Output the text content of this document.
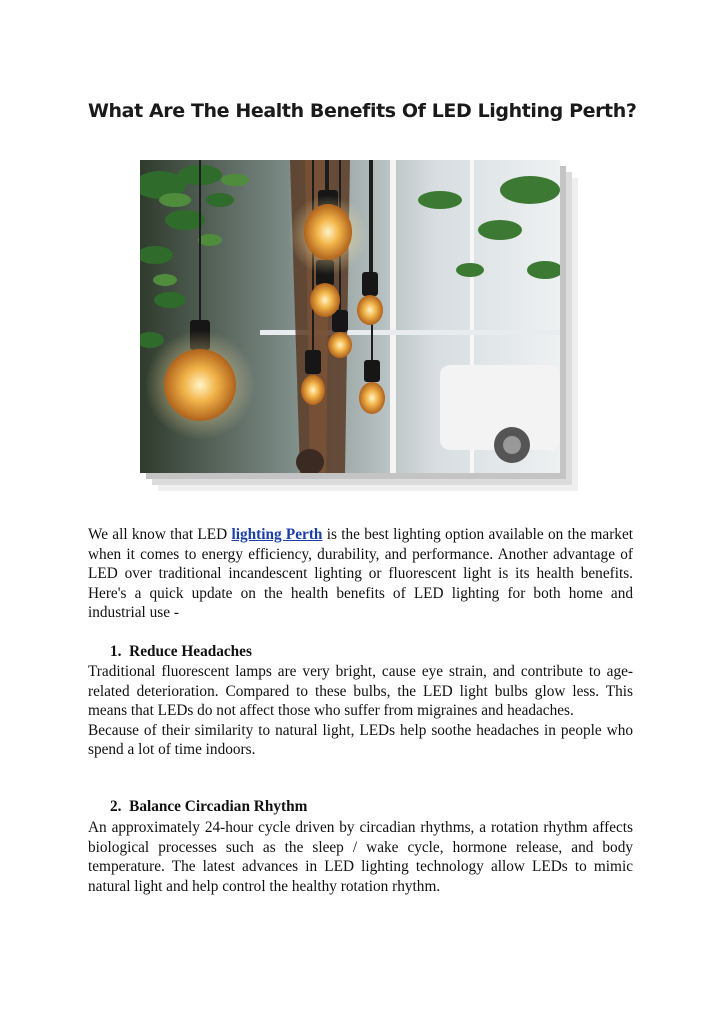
What Are The Health Benefits Of LED Lighting Perth?

We all know that LED lighting Perth is the best lighting option available on the market when it comes to energy efficiency, durability, and performance. Another advantage of LED over traditional incandescent lighting or fluorescent light is its health benefits. Here's a quick update on the health benefits of LED lighting for both home and industrial use -

1. Reduce Headaches

Traditional fluorescent lamps are very bright, cause eye strain, and contribute to age-related deterioration. Compared to these bulbs, the LED light bulbs glow less. This means that LEDs do not affect those who suffer from migraines and headaches.

Because of their similarity to natural light, LEDs help soothe headaches in people who spend a lot of time indoors.

2. Balance Circadian Rhythm

An approximately 24-hour cycle driven by circadian rhythms, a rotation rhythm affects biological processes such as the sleep / wake cycle, hormone release, and body temperature. The latest advances in LED lighting technology allow LEDs to mimic natural light and help control the healthy rotation rhythm.
